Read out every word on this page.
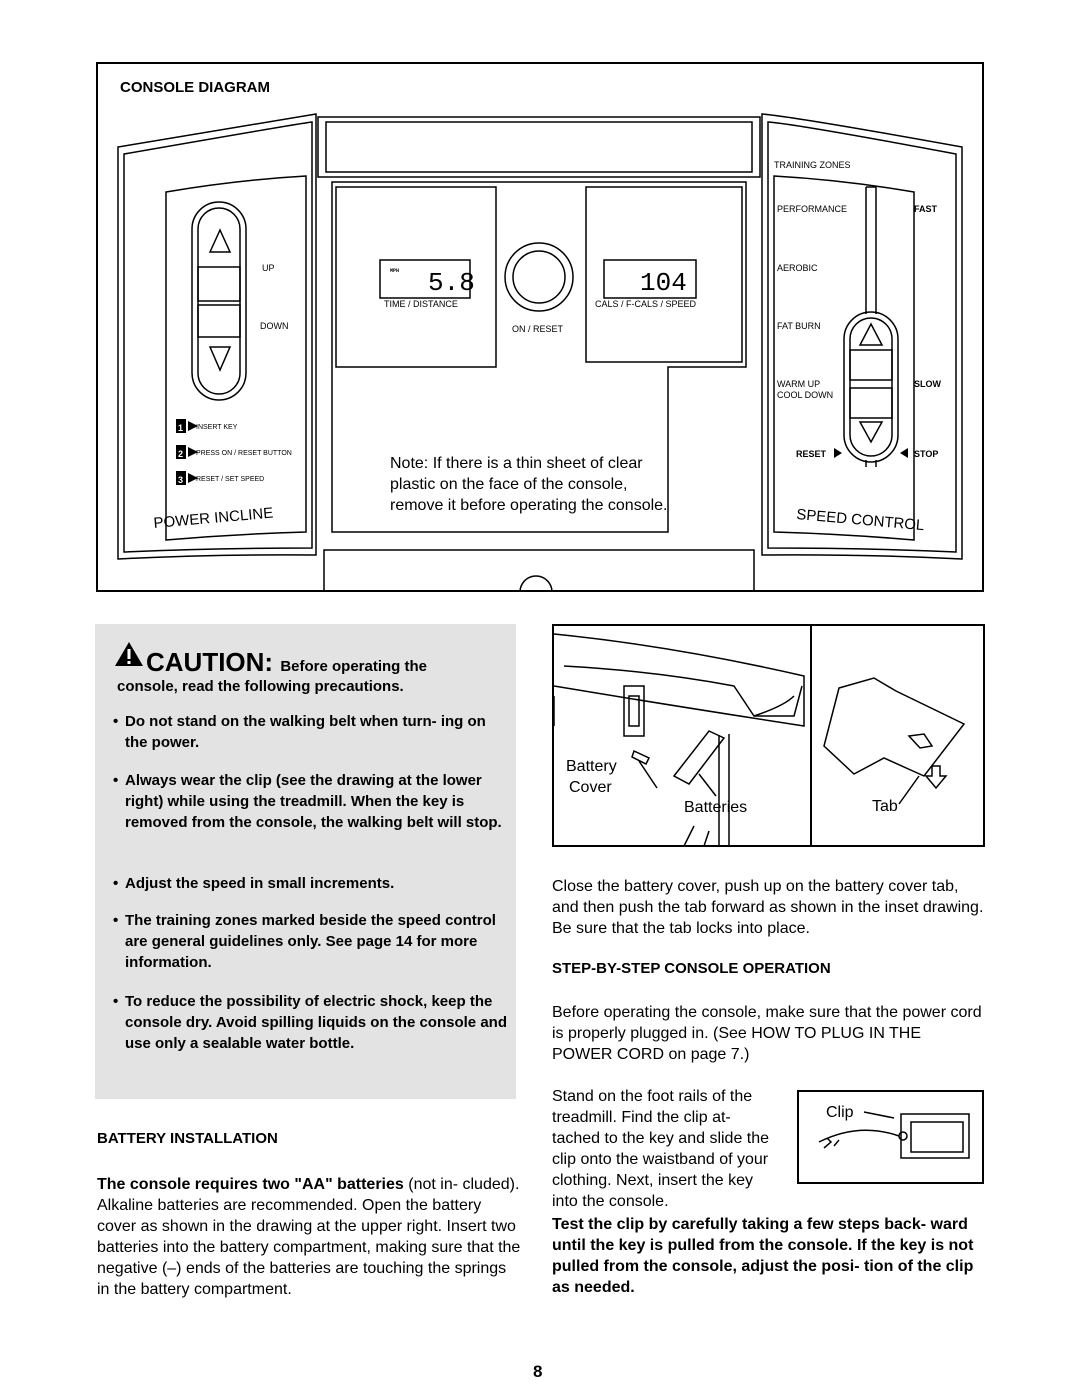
CONSOLE DIAGRAM
1
2
3
MPH 5.8	104
UP
DOWN
INSERT KEY
PRESS ON / RESET BUTTON
RESET / SET SPEED
TIME / DISTANCE
ON / RESET
CALS / F-CALS / SPEED
TRAINING ZONES
PERFORMANCE
AEROBIC
FAT BURN
WARM UP
COOL DOWN
RESET
FAST
SLOW
STOP
POWER INCLINE	SPEED CONTROL
Note: If there is a thin sheet of clear plastic on the face of the console, remove it before operating the console.
CAUTION: Before operating the
console, read the following precautions.
• Do not stand on the walking belt when turn- ing on the power.
• Always wear the clip (see the drawing at the lower right) while using the treadmill. When the key is removed from the console, the walking belt will stop.
• Adjust the speed in small increments.
• The training zones marked beside the speed control are general guidelines only. See page 14 for more information.
• To reduce the possibility of electric shock, keep the console dry. Avoid spilling liquids on the console and use only a sealable water bottle.
BATTERY INSTALLATION
The console requires two "AA" batteries (not in- cluded). Alkaline batteries are recommended. Open the battery cover as shown in the drawing at the upper right. Insert two batteries into the battery compartment, making sure that the negative (–) ends of the batteries are touching the springs in the battery compartment.
Battery
Cover
Batteries	Tab
Close the battery cover, push up on the battery cover tab, and then push the tab forward as shown in the inset drawing. Be sure that the tab locks into place.
STEP-BY-STEP CONSOLE OPERATION
Before operating the console, make sure that the power cord is properly plugged in. (See HOW TO PLUG IN THE POWER CORD on page 7.)
Stand on the foot rails of the treadmill. Find the clip at- tached to the key and slide the clip onto the waistband of your clothing. Next, insert the key into the console.
Clip
Test the clip by carefully taking a few steps back- ward until the key is pulled from the console. If the key is not pulled from the console, adjust the posi- tion of the clip as needed.
8
